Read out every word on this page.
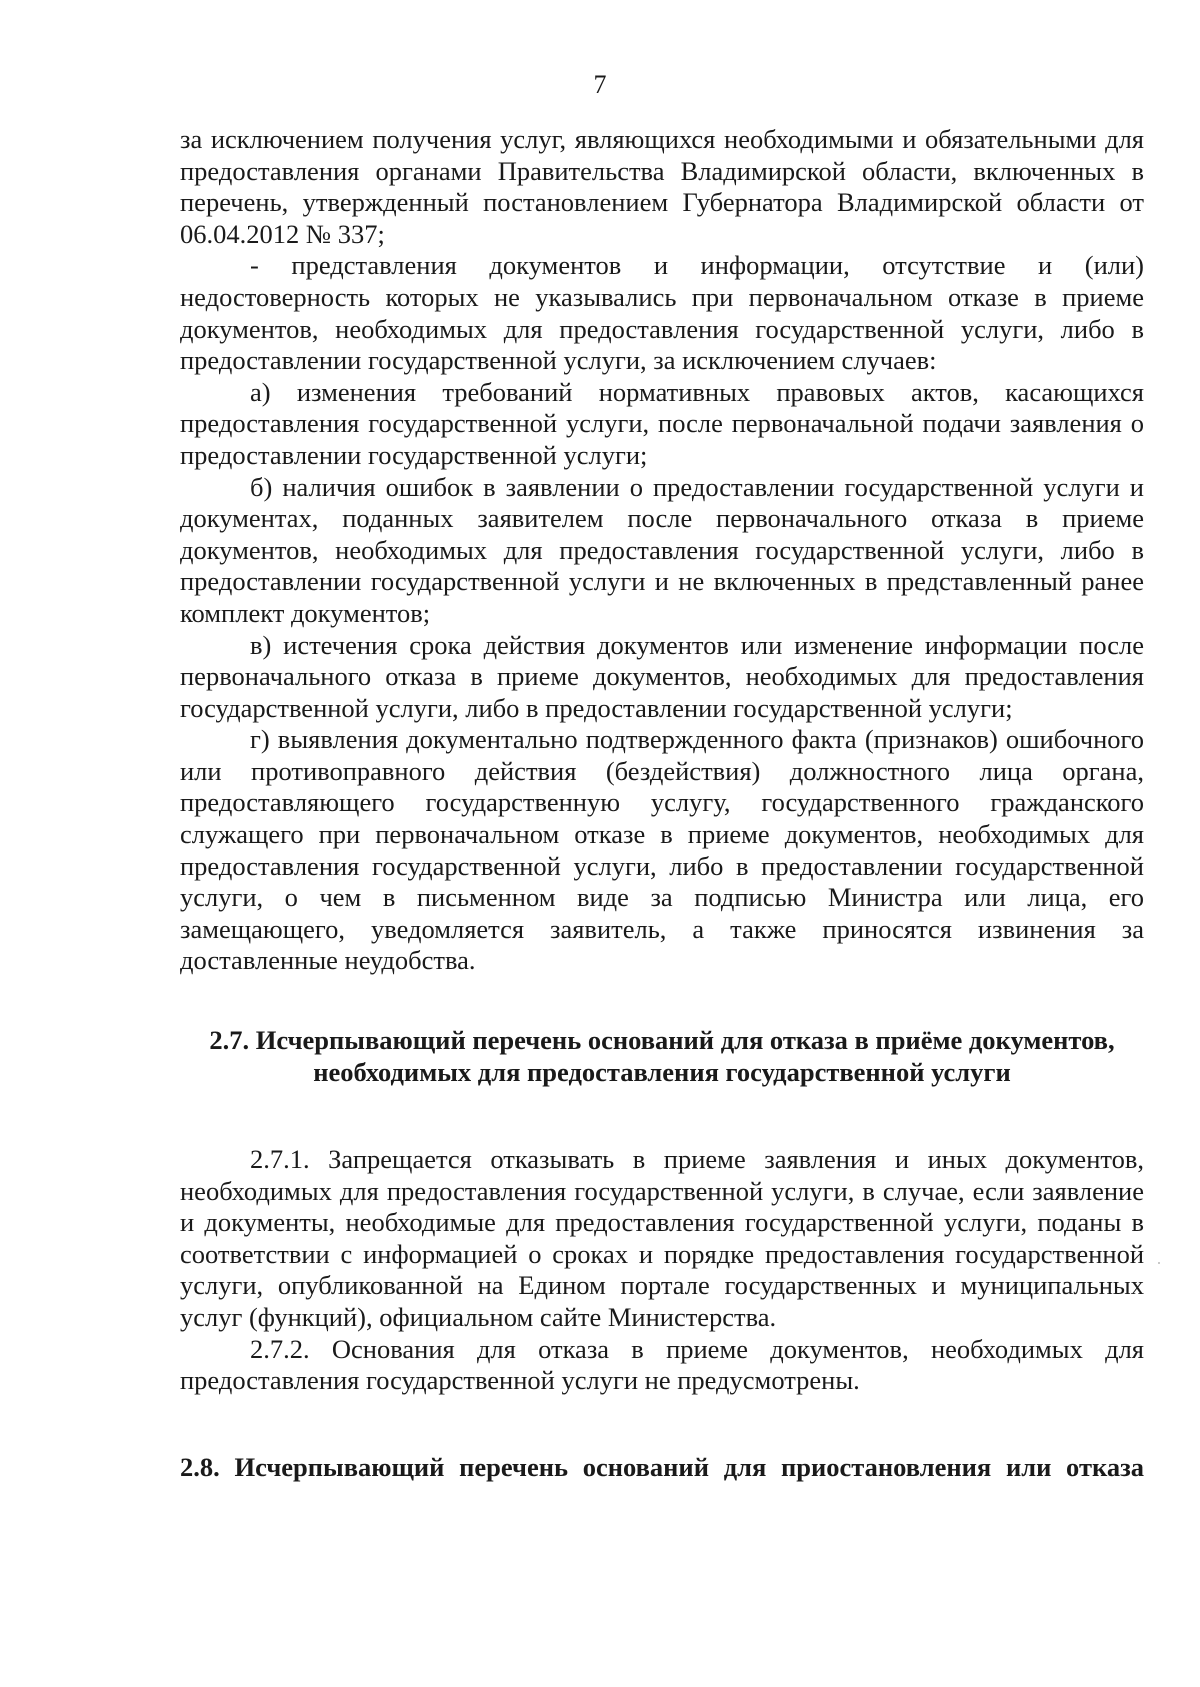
7

за исключением получения услуг, являющихся необходимыми и обязательными для предоставления органами Правительства Владимирской области, включенных в перечень, утвержденный постановлением Губернатора Владимирской области от 06.04.2012 № 337;

- представления документов и информации, отсутствие и (или) недостоверность которых не указывались при первоначальном отказе в приеме документов, необходимых для предоставления государственной услуги, либо в предоставлении государственной услуги, за исключением случаев:

а) изменения требований нормативных правовых актов, касающихся предоставления государственной услуги, после первоначальной подачи заявления о предоставлении государственной услуги;

б) наличия ошибок в заявлении о предоставлении государственной услуги и документах, поданных заявителем после первоначального отказа в приеме документов, необходимых для предоставления государственной услуги, либо в предоставлении государственной услуги и не включенных в представленный ранее комплект документов;

в) истечения срока действия документов или изменение информации после первоначального отказа в приеме документов, необходимых для предоставления государственной услуги, либо в предоставлении государственной услуги;

г) выявления документально подтвержденного факта (признаков) ошибочного или противоправного действия (бездействия) должностного лица органа, предоставляющего государственную услугу, государственного гражданского служащего при первоначальном отказе в приеме документов, необходимых для предоставления государственной услуги, либо в предоставлении государственной услуги, о чем в письменном виде за подписью Министра или лица, его замещающего, уведомляется заявитель, а также приносятся извинения за доставленные неудобства.

2.7. Исчерпывающий перечень оснований для отказа в приёме документов, необходимых для предоставления государственной услуги

2.7.1. Запрещается отказывать в приеме заявления и иных документов, необходимых для предоставления государственной услуги, в случае, если заявление и документы, необходимые для предоставления государственной услуги, поданы в соответствии с информацией о сроках и порядке предоставления государственной услуги, опубликованной на Едином портале государственных и муниципальных услуг (функций), официальном сайте Министерства.

2.7.2. Основания для отказа в приеме документов, необходимых для предоставления государственной услуги не предусмотрены.

2.8. Исчерпывающий перечень оснований для приостановления или отказа
